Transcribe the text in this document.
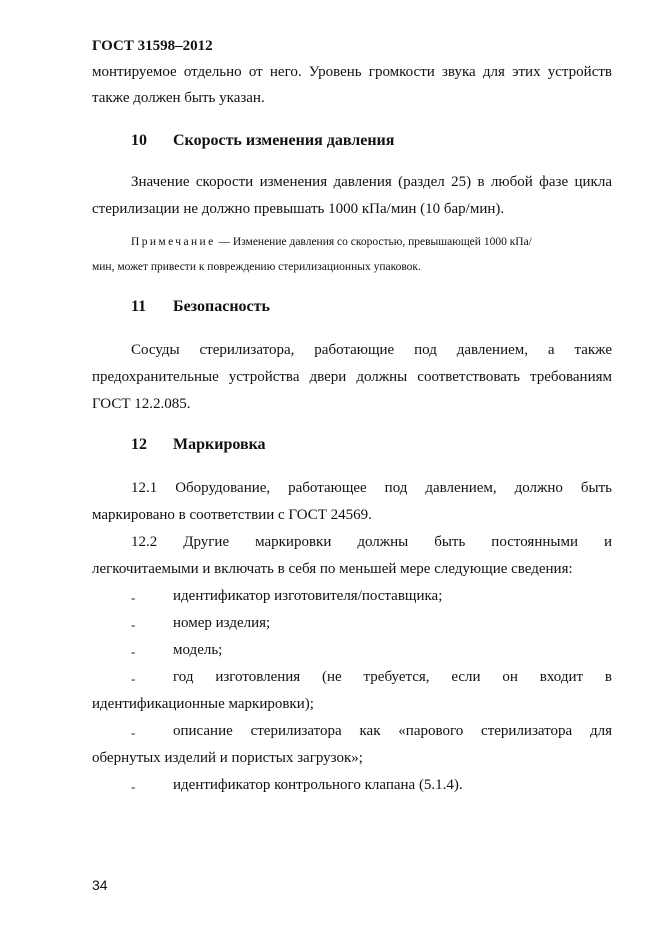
ГОСТ 31598–2012
монтируемое отдельно от него. Уровень громкости звука для этих устройств
также должен быть указан.
10 Скорость изменения давления
Значение скорости изменения давления (раздел 25) в любой фазе цикла
стерилизации не должно превышать 1000 кПа/мин (10 бар/мин).
Примечание — Изменение давления со скоростью, превышающей 1000 кПа/
мин, может привести к повреждению стерилизационных упаковок.
11 Безопасность
Сосуды стерилизатора, работающие под давлением, а также
предохранительные устройства двери должны соответствовать требованиям
ГОСТ 12.2.085.
12 Маркировка
12.1 Оборудование, работающее под давлением, должно быть
маркировано в соответствии с ГОСТ 24569.
12.2 Другие маркировки должны быть постоянными и
легкочитаемыми и включать в себя по меньшей мере следующие сведения:
-	идентификатор изготовителя/поставщика;
-	номер изделия;
-	модель;
-	год изготовления (не требуется, если он входит в
идентификационные маркировки);
-	описание стерилизатора как «парового стерилизатора для
обернутых изделий и пористых загрузок»;
-	идентификатор контрольного клапана (5.1.4).
34
